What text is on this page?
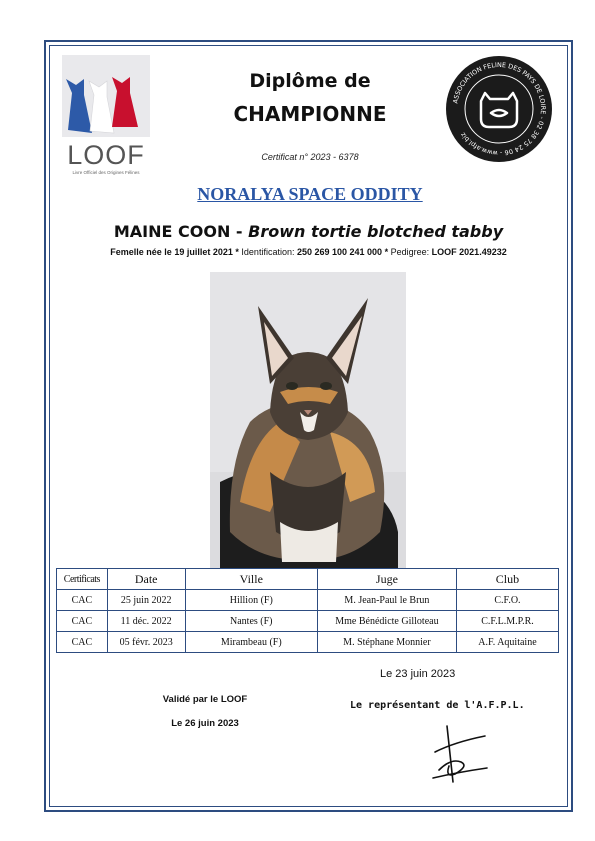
LOOF
Livre Officiel des Origines Félines
Diplôme de
CHAMPIONNE
Certificat n° 2023 - 6378
ASSOCIATION FELINE DES PAYS DE LOIRE - 02 38 75 24 06 - www.afpl.biz
NORALYA SPACE ODDITY
MAINE COON - Brown tortie blotched tabby
Femelle née le 19 juillet 2021 * Identification: 250 269 100 241 000 * Pedigree: LOOF 2021.49232
Certificats	Date	Ville	Juge	Club
CAC	25 juin 2022	Hillion (F)	M. Jean-Paul le Brun	C.F.O.
CAC	11 déc. 2022	Nantes (F)	Mme Bénédicte Gilloteau	C.F.L.M.P.R.
CAC	05 févr. 2023	Mirambeau (F)	M. Stéphane Monnier	A.F. Aquitaine
Le 23 juin 2023
Validé par le LOOF
Le 26 juin 2023
Le représentant de l'A.F.P.L.
